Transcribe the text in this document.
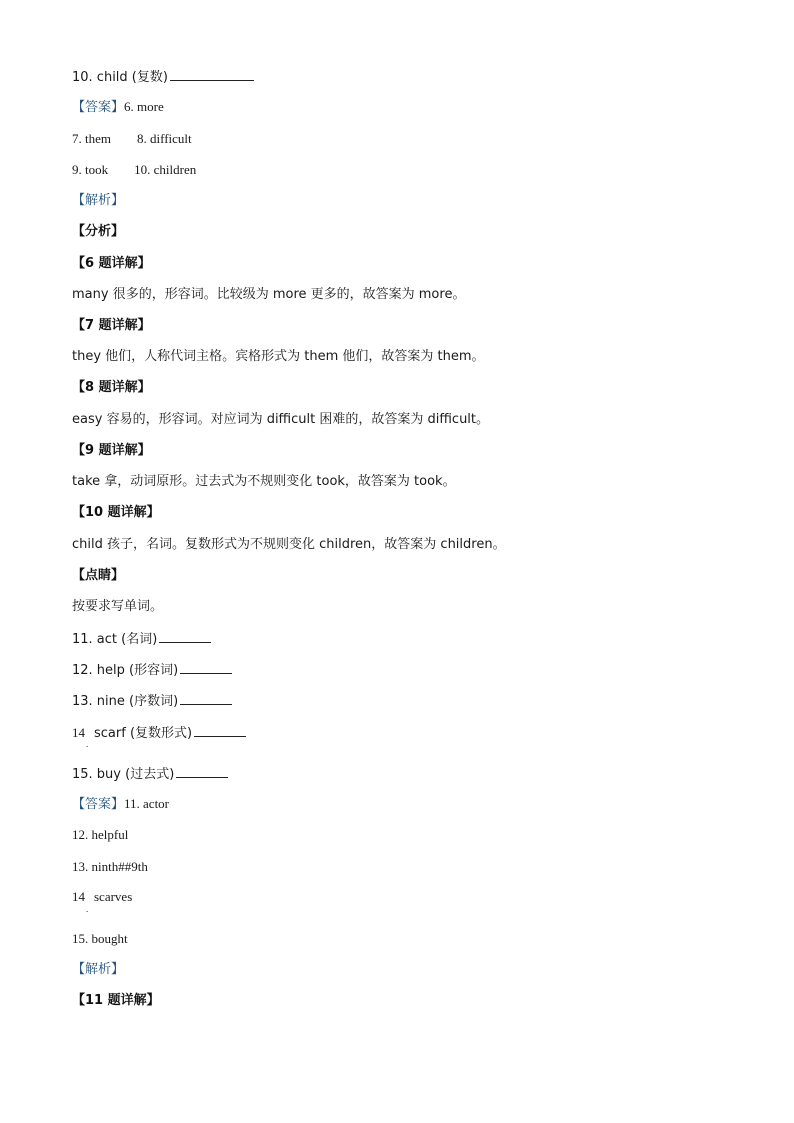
10. child (复数)
【答案】6. more
7. them 8. difficult
9. took 10. children
【解析】
【分析】
【6 题详解】
many 很多的，形容词。比较级为 more 更多的，故答案为 more。
【7 题详解】
they 他们，人称代词主格。宾格形式为 them 他们，故答案为 them。
【8 题详解】
easy 容易的，形容词。对应词为 difficult 困难的，故答案为 difficult。
【9 题详解】
take 拿，动词原形。过去式为不规则变化 took，故答案为 took。
【10 题详解】
child 孩子，名词。复数形式为不规则变化 children，故答案为 children。
【点睛】
按要求写单词。
11. act (名词)
12. help (形容词)
13. nine (序数词)
14 scarf (复数形式)
.
15. buy (过去式)
【答案】11. actor
12. helpful
13. ninth##9th
14 scarves
.
15. bought
【解析】
【11 题详解】
